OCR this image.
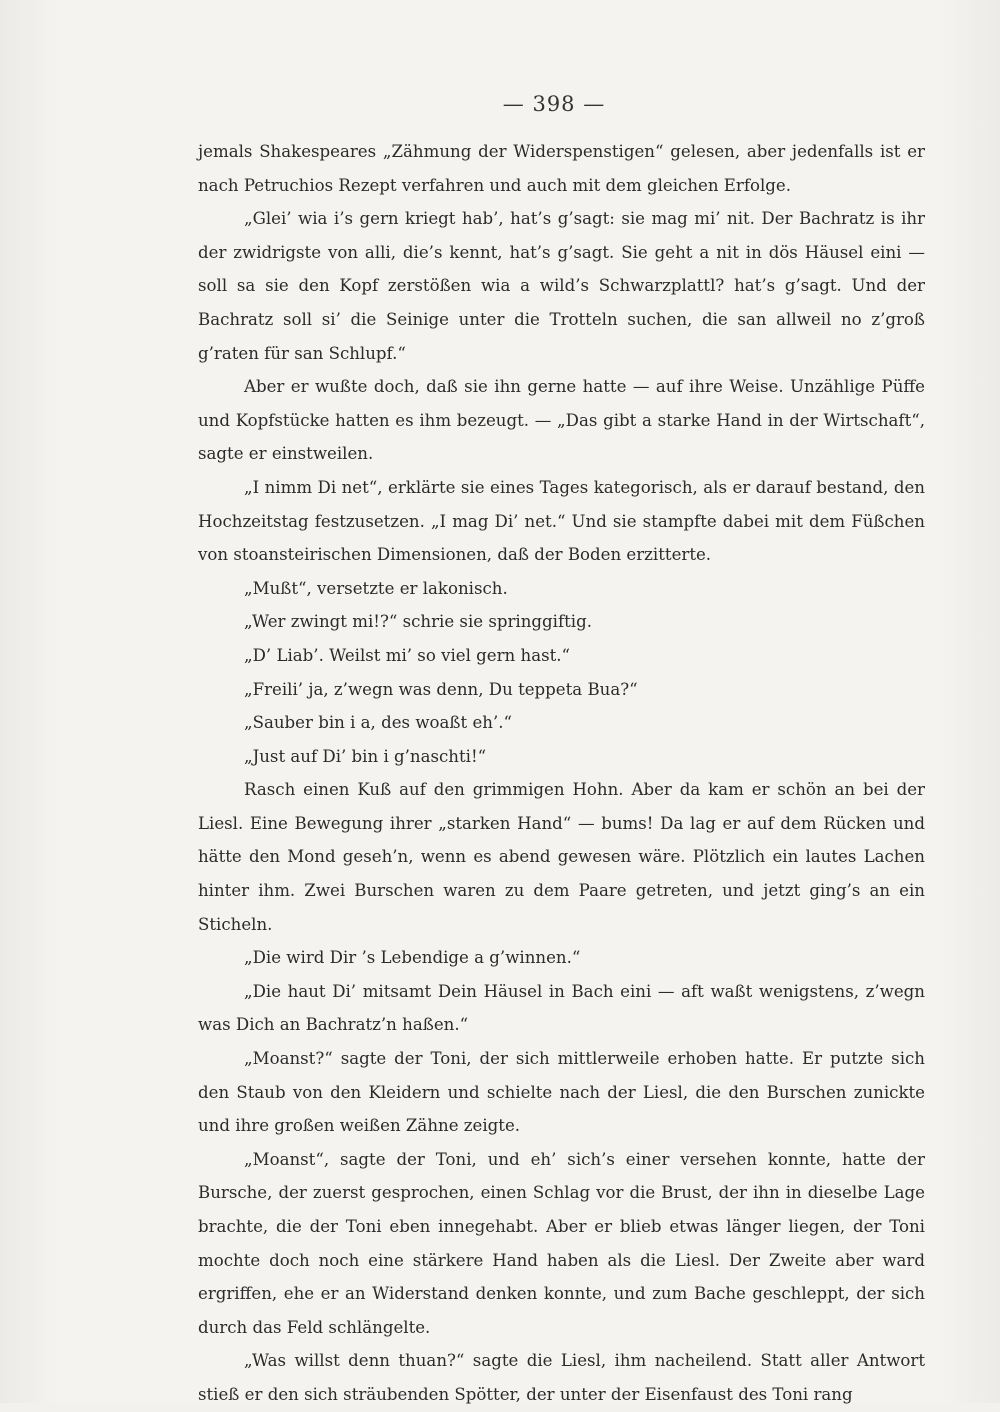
— 398 —

jemals Shakespeares „Zähmung der Widerspenstigen“ gelesen, aber jedenfalls ist er nach Petruchios Rezept verfahren und auch mit dem gleichen Erfolge.

„Glei’ wia i’s gern kriegt hab’, hat’s g’sagt: sie mag mi’ nit. Der Bachratz is ihr der zwidrigste von alli, die’s kennt, hat’s g’sagt. Sie geht a nit in dös Häusel eini — soll sa sie den Kopf zerstößen wia a wild’s Schwarzplattl? hat’s g’sagt. Und der Bachratz soll si’ die Seinige unter die Trotteln suchen, die san allweil no z’groß g’raten für san Schlupf.“

Aber er wußte doch, daß sie ihn gerne hatte — auf ihre Weise. Unzählige Püffe und Kopfstücke hatten es ihm bezeugt. — „Das gibt a starke Hand in der Wirtschaft“, sagte er einstweilen.

„I nimm Di net“, erklärte sie eines Tages kategorisch, als er darauf bestand, den Hochzeitstag festzusetzen. „I mag Di’ net.“ Und sie stampfte dabei mit dem Füßchen von stoansteirischen Dimensionen, daß der Boden erzitterte.

„Mußt“, versetzte er lakonisch.

„Wer zwingt mi!?“ schrie sie springgiftig.

„D’ Liab’. Weilst mi’ so viel gern hast.“

„Freili’ ja, z’wegn was denn, Du teppeta Bua?“

„Sauber bin i a, des woaßt eh’.“

„Just auf Di’ bin i g’naschti!“

Rasch einen Kuß auf den grimmigen Hohn. Aber da kam er schön an bei der Liesl. Eine Bewegung ihrer „starken Hand“ — bums! Da lag er auf dem Rücken und hätte den Mond geseh’n, wenn es abend gewesen wäre. Plötzlich ein lautes Lachen hinter ihm. Zwei Burschen waren zu dem Paare getreten, und jetzt ging’s an ein Sticheln.

„Die wird Dir ’s Lebendige a g’winnen.“

„Die haut Di’ mitsamt Dein Häusel in Bach eini — aft waßt wenigstens, z’wegn was Dich an Bachratz’n haßen.“

„Moanst?“ sagte der Toni, der sich mittlerweile erhoben hatte. Er putzte sich den Staub von den Kleidern und schielte nach der Liesl, die den Burschen zunickte und ihre großen weißen Zähne zeigte.

„Moanst“, sagte der Toni, und eh’ sich’s einer versehen konnte, hatte der Bursche, der zuerst gesprochen, einen Schlag vor die Brust, der ihn in dieselbe Lage brachte, die der Toni eben innegehabt. Aber er blieb etwas länger liegen, der Toni mochte doch noch eine stärkere Hand haben als die Liesl. Der Zweite aber ward ergriffen, ehe er an Widerstand denken konnte, und zum Bache geschleppt, der sich durch das Feld schlängelte.

„Was willst denn thuan?“ sagte die Liesl, ihm nacheilend. Statt aller Antwort stieß er den sich sträubenden Spötter, der unter der Eisenfaust des Toni rang
